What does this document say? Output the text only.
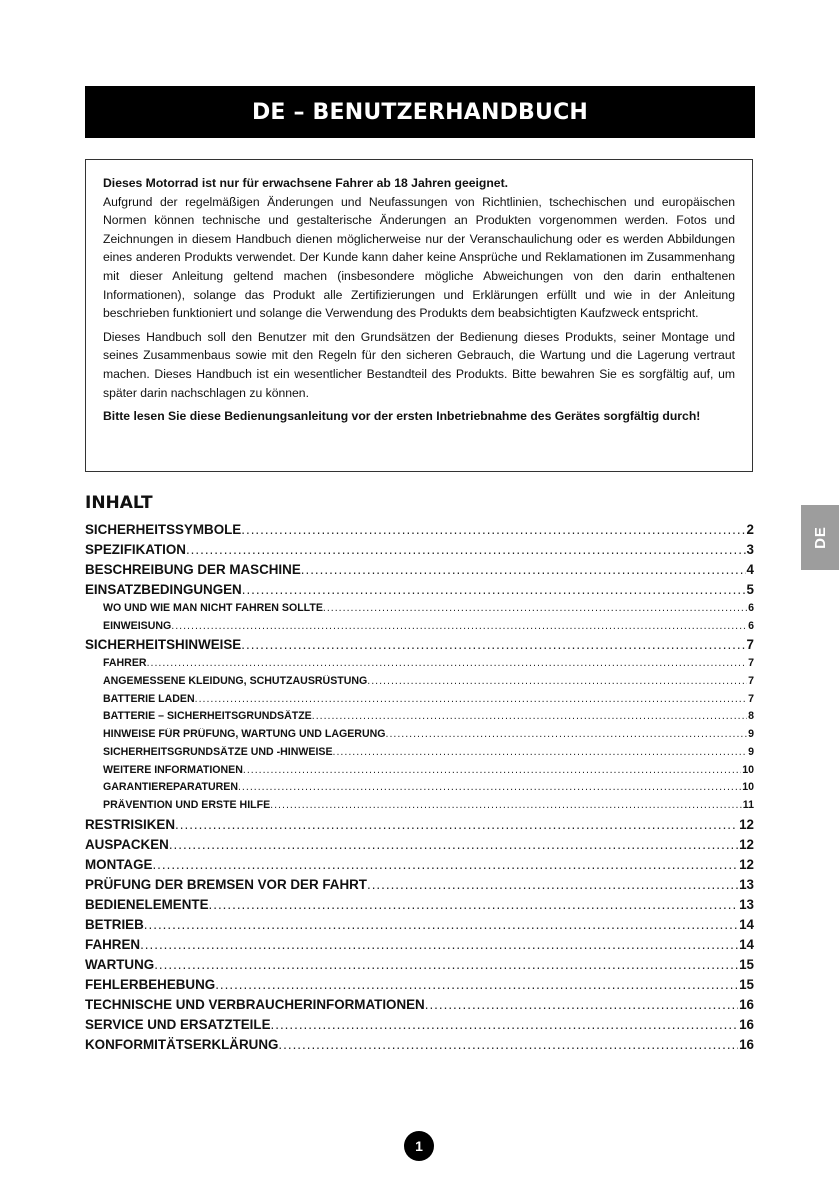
DE – BENUTZERHANDBUCH

Dieses Motorrad ist nur für erwachsene Fahrer ab 18 Jahren geeignet.

Aufgrund der regelmäßigen Änderungen und Neufassungen von Richtlinien, tschechischen und europäischen Normen können technische und gestalterische Änderungen an Produkten vorgenommen werden. Fotos und Zeichnungen in diesem Handbuch dienen möglicherweise nur der Veranschaulichung oder es werden Abbildungen eines anderen Produkts verwendet. Der Kunde kann daher keine Ansprüche und Reklamationen im Zusammenhang mit dieser Anleitung geltend machen (insbesondere mögliche Abweichungen von den darin enthaltenen Informationen), solange das Produkt alle Zertifizierungen und Erklärungen erfüllt und wie in der Anleitung beschrieben funktioniert und solange die Verwendung des Produkts dem beabsichtigten Kaufzweck entspricht.

Dieses Handbuch soll den Benutzer mit den Grundsätzen der Bedienung dieses Produkts, seiner Montage und seines Zusammenbaus sowie mit den Regeln für den sicheren Gebrauch, die Wartung und die Lagerung vertraut machen. Dieses Handbuch ist ein wesentlicher Bestandteil des Produkts. Bitte bewahren Sie es sorgfältig auf, um später darin nachschlagen zu können.

Bitte lesen Sie diese Bedienungsanleitung vor der ersten Inbetriebnahme des Gerätes sorgfältig durch!

INHALT
SICHERHEITSSYMBOLE .....	2
SPEZIFIKATION .....	3
BESCHREIBUNG DER MASCHINE .....	4
EINSATZBEDINGUNGEN .....	5
WO UND WIE MAN NICHT FAHREN SOLLTE .....	6
EINWEISUNG .....	6
SICHERHEITSHINWEISE .....	7
FAHRER .....	7
ANGEMESSENE KLEIDUNG, SCHUTZAUSRÜSTUNG .....	7
BATTERIE LADEN .....	7
BATTERIE – SICHERHEITSGRUNDSÄTZE .....	8
HINWEISE FÜR PRÜFUNG, WARTUNG UND LAGERUNG .....	9
SICHERHEITSGRUNDSÄTZE UND -HINWEISE .....	9
WEITERE INFORMATIONEN .....	10
GARANTIEREPARATUREN .....	10
PRÄVENTION UND ERSTE HILFE .....	11
RESTRISIKEN .....	12
AUSPACKEN .....	12
MONTAGE .....	12
PRÜFUNG DER BREMSEN VOR DER FAHRT .....	13
BEDIENELEMENTE .....	13
BETRIEB .....	14
FAHREN .....	14
WARTUNG .....	15
FEHLERBEHEBUNG .....	15
TECHNISCHE UND VERBRAUCHERINFORMATIONEN .....	16
SERVICE UND ERSATZTEILE .....	16
KONFORMITÄTSERKLÄRUNG .....	16
DE
1
